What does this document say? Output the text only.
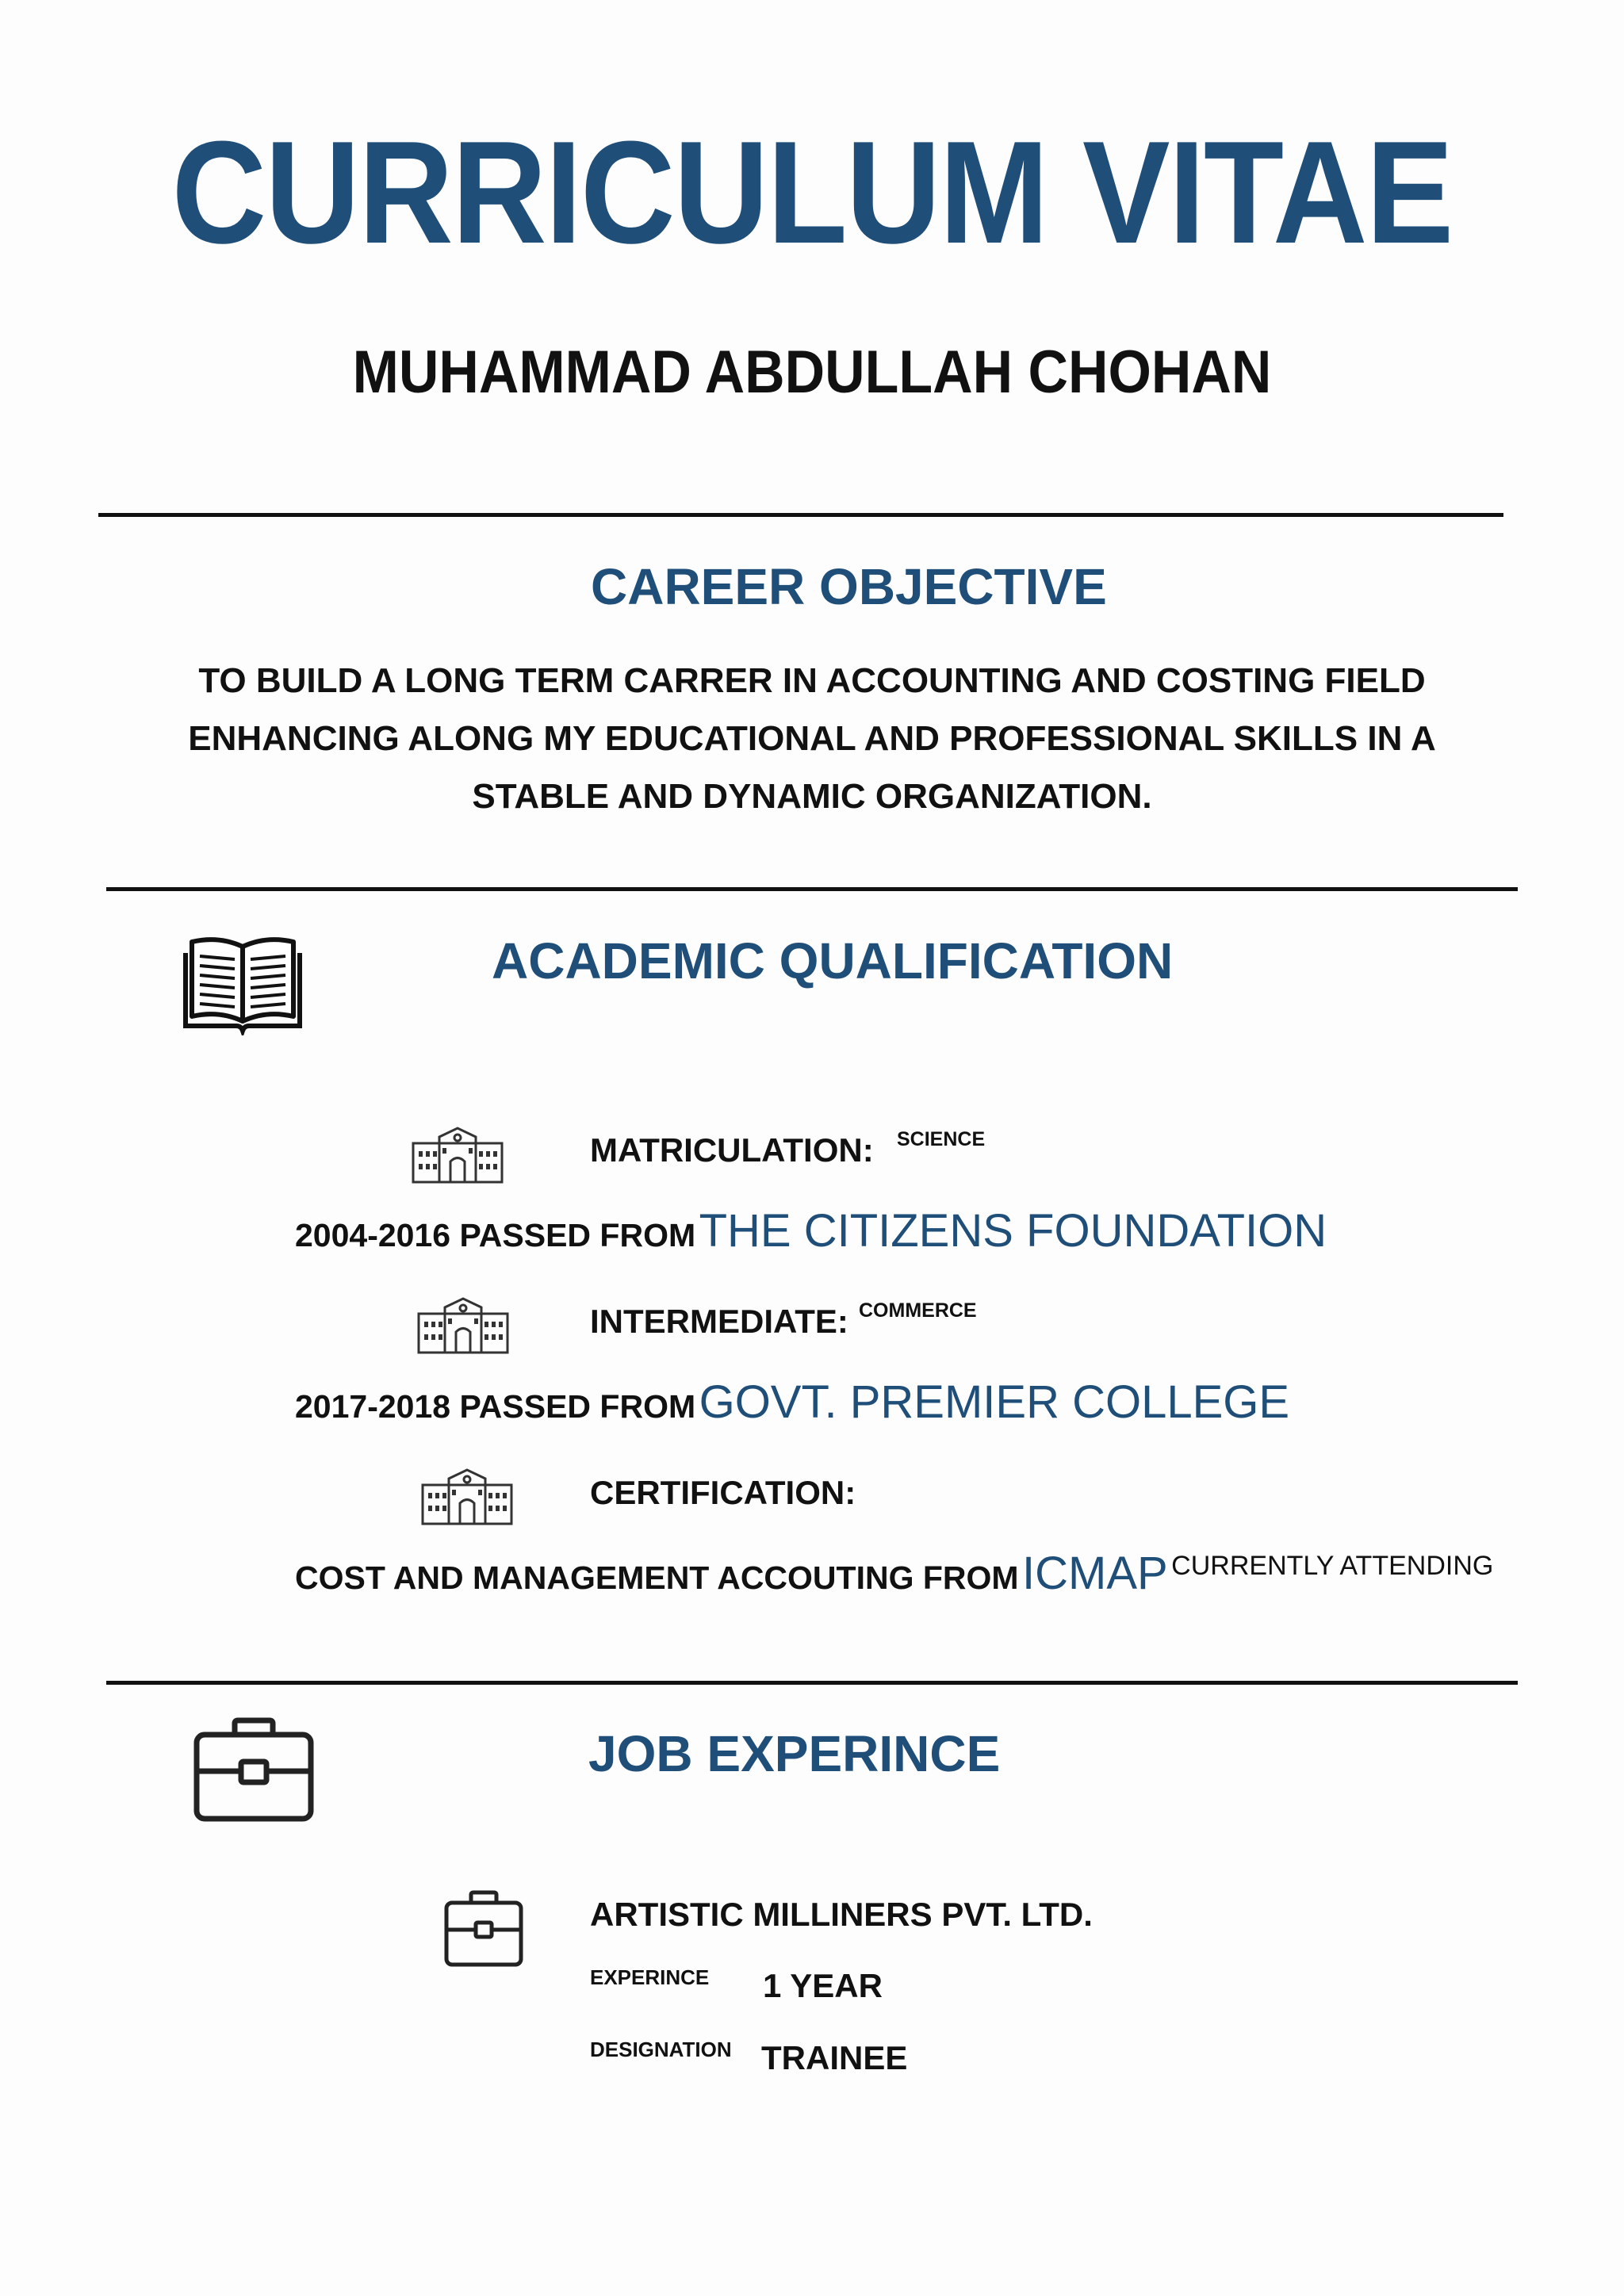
CURRICULUM VITAE
MUHAMMAD ABDULLAH CHOHAN
CAREER OBJECTIVE
TO BUILD A LONG TERM CARRER IN ACCOUNTING AND COSTING FIELD ENHANCING ALONG MY EDUCATIONAL AND PROFESSIONAL SKILLS IN A STABLE AND DYNAMIC ORGANIZATION.
ACADEMIC QUALIFICATION
MATRICULATION: SCIENCE
2004-2016 PASSED FROM THE CITIZENS FOUNDATION
INTERMEDIATE: COMMERCE
2017-2018 PASSED FROM GOVT. PREMIER COLLEGE
CERTIFICATION:
COST AND MANAGEMENT ACCOUTING FROM ICMAP CURRENTLY ATTENDING
JOB EXPERINCE
ARTISTIC MILLINERS PVT. LTD.
EXPERINCE 1 YEAR
DESIGNATION TRAINEE
